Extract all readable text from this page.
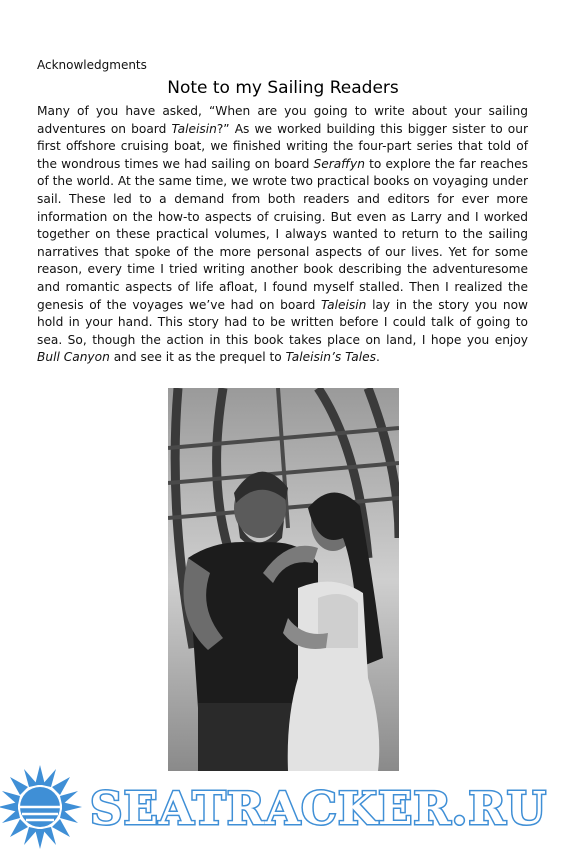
Acknowledgments
Note to my Sailing Readers

Many of you have asked, “When are you going to write about your sailing adventures on board Taleisin?” As we worked building this bigger sister to our first offshore cruising boat, we finished writing the four-part series that told of the wondrous times we had sailing on board Seraffyn to explore the far reaches of the world. At the same time, we wrote two practical books on voyaging under sail. These led to a demand from both readers and editors for ever more information on the how-to aspects of cruising. But even as Larry and I worked together on these practical volumes, I always wanted to return to the sailing narratives that spoke of the more personal aspects of our lives. Yet for some reason, every time I tried writing another book describing the adventuresome and romantic aspects of life afloat, I found myself stalled. Then I realized the genesis of the voyages we’ve had on board Taleisin lay in the story you now hold in your hand. This story had to be written before I could talk of going to sea. So, though the action in this book takes place on land, I hope you enjoy Bull Canyon and see it as the prequel to Taleisin’s Tales.

SEATRACKER.RU
